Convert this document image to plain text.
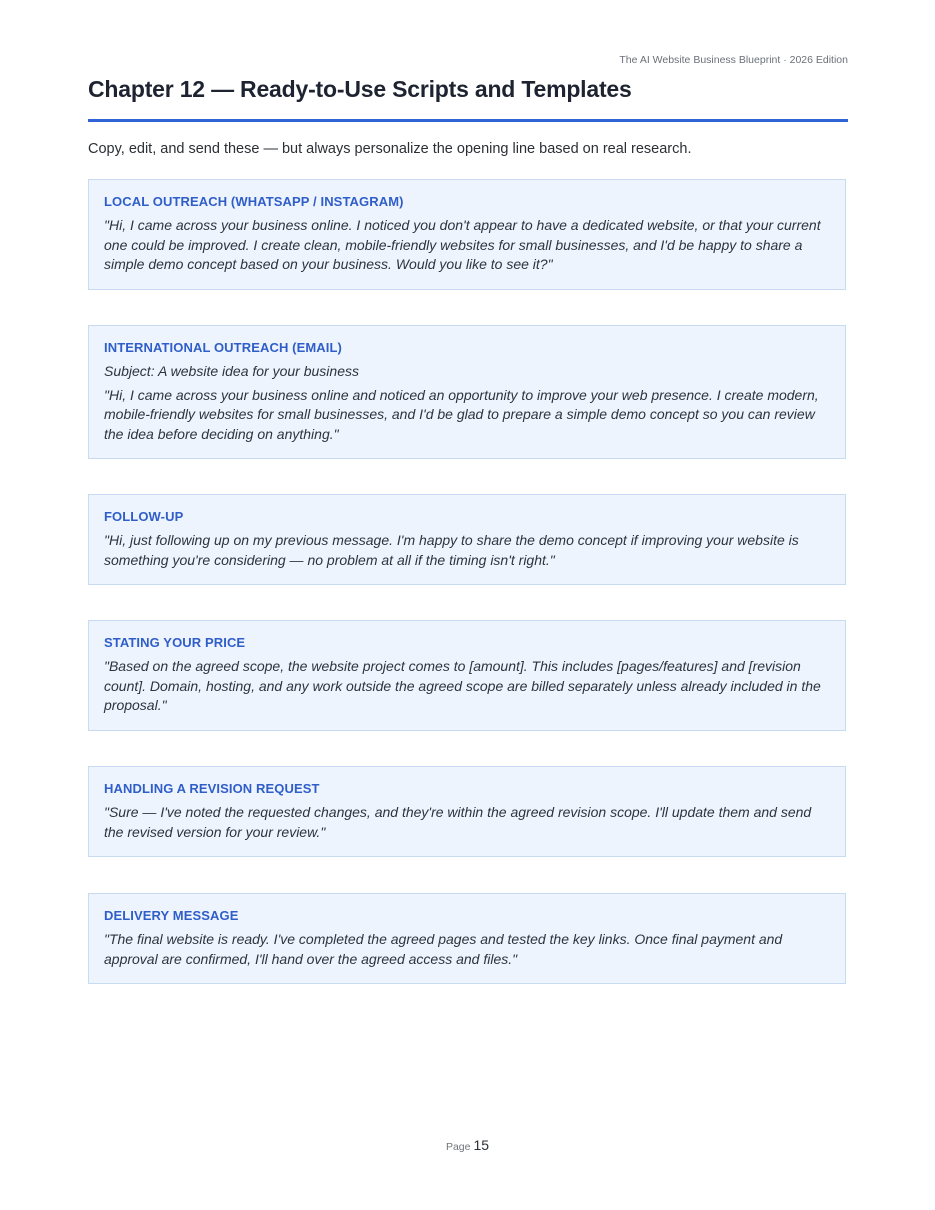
The AI Website Business Blueprint · 2026 Edition
Chapter 12 — Ready-to-Use Scripts and Templates

Copy, edit, and send these — but always personalize the opening line based on real research.

LOCAL OUTREACH (WHATSAPP / INSTAGRAM)

"Hi, I came across your business online. I noticed you don't appear to have a dedicated website, or that your current one could be improved. I create clean, mobile-friendly websites for small businesses, and I'd be happy to share a simple demo concept based on your business. Would you like to see it?"

INTERNATIONAL OUTREACH (EMAIL)

Subject: A website idea for your business

"Hi, I came across your business online and noticed an opportunity to improve your web presence. I create modern, mobile-friendly websites for small businesses, and I'd be glad to prepare a simple demo concept so you can review the idea before deciding on anything."

FOLLOW-UP

"Hi, just following up on my previous message. I'm happy to share the demo concept if improving your website is something you're considering — no problem at all if the timing isn't right."

STATING YOUR PRICE

"Based on the agreed scope, the website project comes to [amount]. This includes [pages/features] and [revision count]. Domain, hosting, and any work outside the agreed scope are billed separately unless already included in the proposal."

HANDLING A REVISION REQUEST

"Sure — I've noted the requested changes, and they're within the agreed revision scope. I'll update them and send the revised version for your review."

DELIVERY MESSAGE

"The final website is ready. I've completed the agreed pages and tested the key links. Once final payment and approval are confirmed, I'll hand over the agreed access and files."

Page 15
